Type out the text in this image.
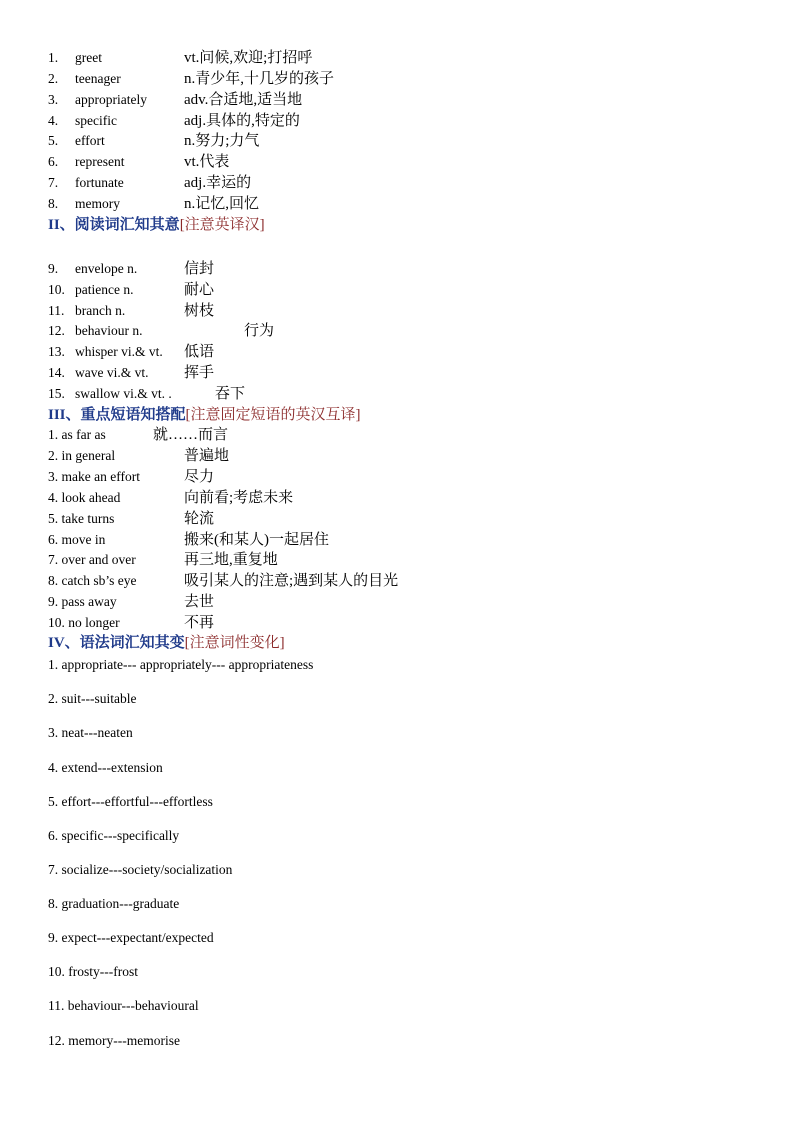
1. greet	vt.问候,欢迎;打招呼
2. teenager	n.青少年,十几岁的孩子
3. appropriately adv.合适地,适当地
4. specific	adj.具体的,特定的
5. effort	n.努力;力气
6. represent	vt.代表
7. fortunate	adj.幸运的
8. memory	n.记忆,回忆
II、阅读词汇知其意[注意英译汉]
9. envelope n.	信封
10. patience n.	耐心
11. branch n.	树枝
12. behaviour n.	行为
13. whisper vi.& vt. 低语
14. wave vi.& vt. 挥手
15. swallow vi.& vt. .	吞下
III、重点短语知搭配[注意固定短语的英汉互译]
1. as far as	就……而言
2. in general	普遍地
3. make an effort	尽力
4. look ahead	向前看;考虑未来
5. take turns	轮流
6. move in	搬来(和某人)一起居住
7. over and over	再三地,重复地
8. catch sb’s eye	吸引某人的注意;遇到某人的目光
9. pass away	去世
10. no longer	不再
IV、语法词汇知其变[注意词性变化]
1. appropriate--- appropriately--- appropriateness
2. suit---suitable
3. neat---neaten
4. extend---extension
5. effort---effortful---effortless
6. specific---specifically
7. socialize---society/socialization
8. graduation---graduate
9. expect---expectant/expected
10. frosty---frost
11. behaviour---behavioural
12. memory---memorise
